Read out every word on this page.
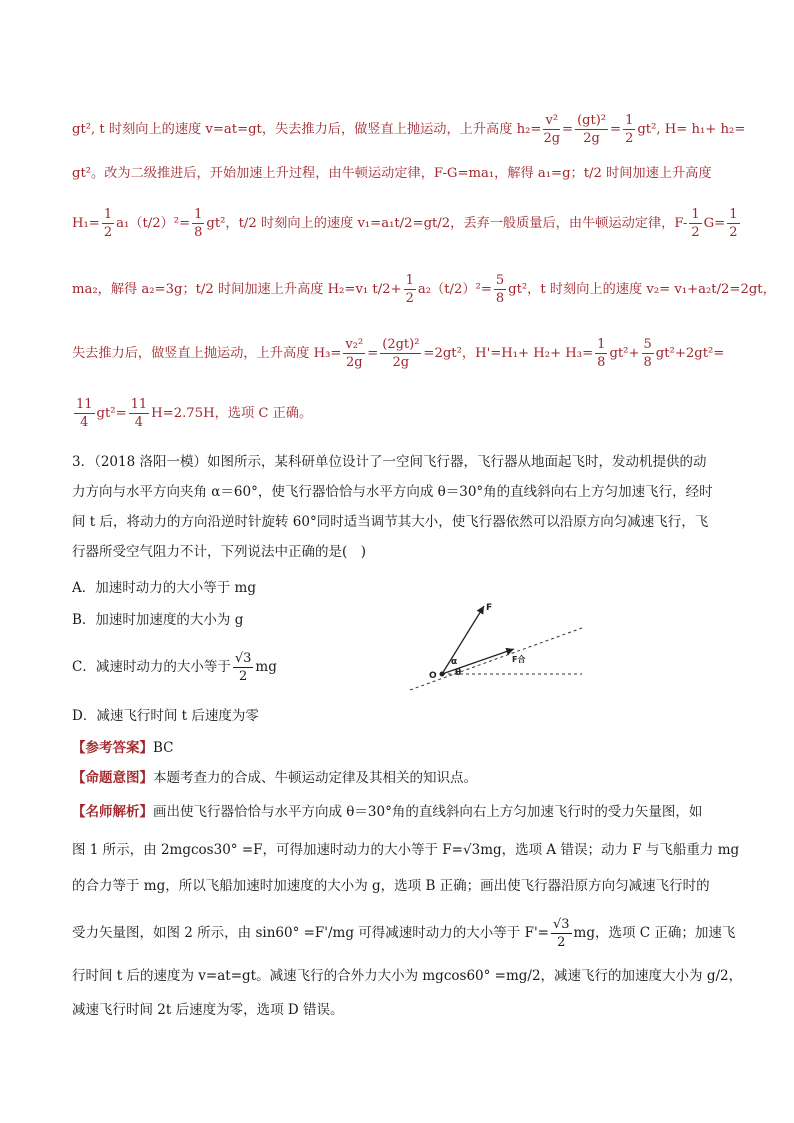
gt², t 时刻向上的速度 v=at=gt，失去推力后，做竖直上抛运动，上升高度 $h_2= \frac{\text{v²}}{2g} = \frac{\text{(gt)²}}{2g} = \frac{1}{2} gt^2$, H= h₁+ h₂=
gt²。改为二级推进后，开始加速上升过程，由牛顿运动定律，F-G=ma₁，解得 a₁=g；t/2 时间加速上升高度
$H_1= \frac{1}{2} a_1(t/2)^2= \frac{1}{8} gt^2$，t/2 时刻向上的速度 v₁=a₁t/2=gt/2，丢弃一般质量后，由牛顿运动定律，$F- \frac{1}{2} G= \frac{1}{2}$
ma₂，解得 a₂=3g；t/2 时间加速上升高度 H₂=v₁ $t/2+ \frac{1}{2} a_2(t/2)^2= \frac{5}{8} gt^2$，t 时刻向上的速度 v₂= v₁+a₂t/2=2gt，
失去推力后，做竖直上抛运动，上升高度 $H_3= \frac{\text{v₂²}}{2g} = \frac{\text{(2gt)²}}{2g} =2gt^2$，$H'=H_1+ H_2+ H_3= \frac{1}{8} gt^2+ \frac{5}{8} gt^2+2gt^2=$
$\frac{11}{4} gt^2= \frac{11}{4} H=2.75H$，选项 C 正确。
3．（2018 洛阳一模）如图所示，某科研单位设计了一空间飞行器，飞行器从地面起飞时，发动机提供的动
力方向与水平方向夹角 α＝60°，使飞行器恰恰与水平方向成 θ＝30°角的直线斜向右上方匀加速飞行，经时
间 t 后，将动力的方向沿逆时针旋转 60°同时适当调节其大小，使飞行器依然可以沿原方向匀减速飞行，飞
行器所受空气阻力不计，下列说法中正确的是(　)
A．加速时动力的大小等于 mg
B．加速时加速度的大小为 g
C．减速时动力的大小等于 $\frac{√3}{2}$ mg
D．减速飞行时间 t 后速度为零
F
O
α
θ
F合
【参考答案】BC
【命题意图】本题考查力的合成、牛顿运动定律及其相关的知识点。
【名师解析】画出使飞行器恰恰与水平方向成 θ＝30°角的直线斜向右上方匀加速飞行时的受力矢量图，如
图 1 所示，由 2mgcos30° =F，可得加速时动力的大小等于 F=√3mg，选项 A 错误；动力 F 与飞船重力 mg
的合力等于 mg，所以飞船加速时加速度的大小为 g，选项 B 正确；画出使飞行器沿原方向匀减速飞行时的
受力矢量图，如图 2 所示，由 sin60° =F'/mg 可得减速时动力的大小等于 $F'= \frac{√3}{2}$ mg，选项 C 正确；加速飞
行时间 t 后的速度为 v=at=gt。减速飞行的合外力大小为 mgcos60° =mg/2，减速飞行的加速度大小为 g/2，
减速飞行时间 2t 后速度为零，选项 D 错误。
